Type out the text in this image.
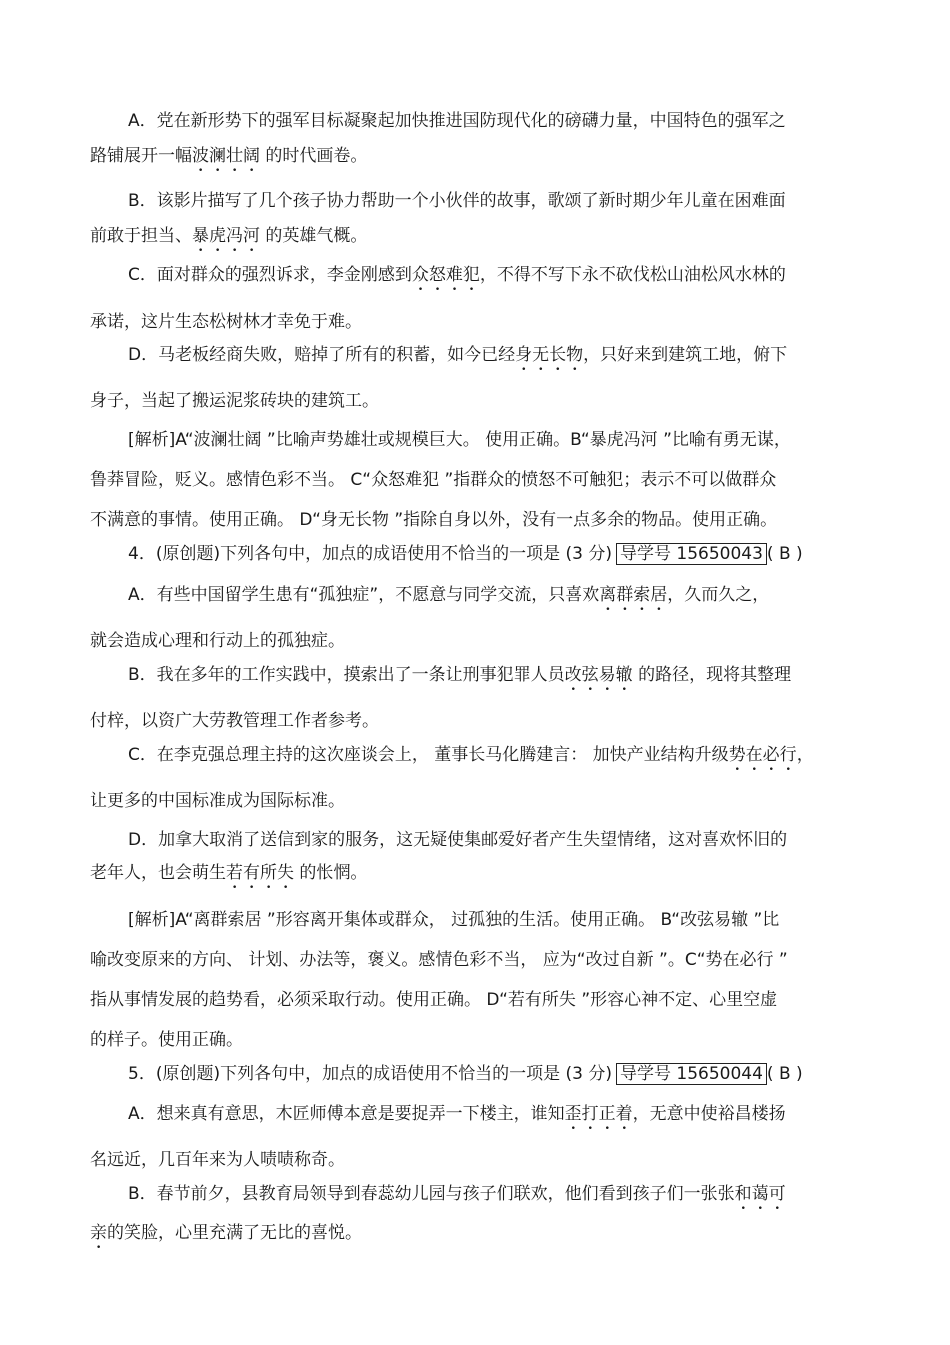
A．党在新形势下的强军目标凝聚起加快推进国防现代化的磅礴力量，中国特色的强军之
路铺展开一幅波澜壮阔 的时代画卷。
B．该影片描写了几个孩子协力帮助一个小伙伴的故事，歌颂了新时期少年儿童在困难面
前敢于担当、暴虎冯河 的英雄气概。
C．面对群众的强烈诉求，李金刚感到众怒难犯，不得不写下永不砍伐松山油松风水林的
承诺，这片生态松树林才幸免于难。
D．马老板经商失败，赔掉了所有的积蓄，如今已经身无长物，只好来到建筑工地，俯下
身子，当起了搬运泥浆砖块的建筑工。
[解析]A“波澜壮阔 ”比喻声势雄壮或规模巨大。 使用正确。B“暴虎冯河 ”比喻有勇无谋，
鲁莽冒险，贬义。感情色彩不当。 C“众怒难犯 ”指群众的愤怒不可触犯；表示不可以做群众
不满意的事情。使用正确。 D“身无长物 ”指除自身以外，没有一点多余的物品。使用正确。
4．(原创题)下列各句中，加点的成语使用不恰当的一项是 (3 分) 导学号 15650043 ( B )
A．有些中国留学生患有“孤独症”，不愿意与同学交流，只喜欢离群索居，久而久之，
就会造成心理和行动上的孤独症。
B．我在多年的工作实践中，摸索出了一条让刑事犯罪人员改弦易辙 的路径，现将其整理
付梓，以资广大劳教管理工作者参考。
C．在李克强总理主持的这次座谈会上， 董事长马化腾建言： 加快产业结构升级势在必行，
让更多的中国标准成为国际标准。
D．加拿大取消了送信到家的服务，这无疑使集邮爱好者产生失望情绪，这对喜欢怀旧的
老年人，也会萌生若有所失 的怅惘。
[解析]A“离群索居 ”形容离开集体或群众， 过孤独的生活。使用正确。 B“改弦易辙 ”比
喻改变原来的方向、 计划、办法等，褒义。感情色彩不当， 应为“改过自新 ”。C“势在必行 ”
指从事情发展的趋势看，必须采取行动。使用正确。 D“若有所失 ”形容心神不定、心里空虚
的样子。使用正确。
5．(原创题)下列各句中，加点的成语使用不恰当的一项是 (3 分) 导学号 15650044 ( B )
A．想来真有意思，木匠师傅本意是要捉弄一下楼主，谁知歪打正着，无意中使裕昌楼扬
名远近，几百年来为人啧啧称奇。
B．春节前夕，县教育局领导到春蕊幼儿园与孩子们联欢，他们看到孩子们一张张和蔼可
亲的笑脸，心里充满了无比的喜悦。
